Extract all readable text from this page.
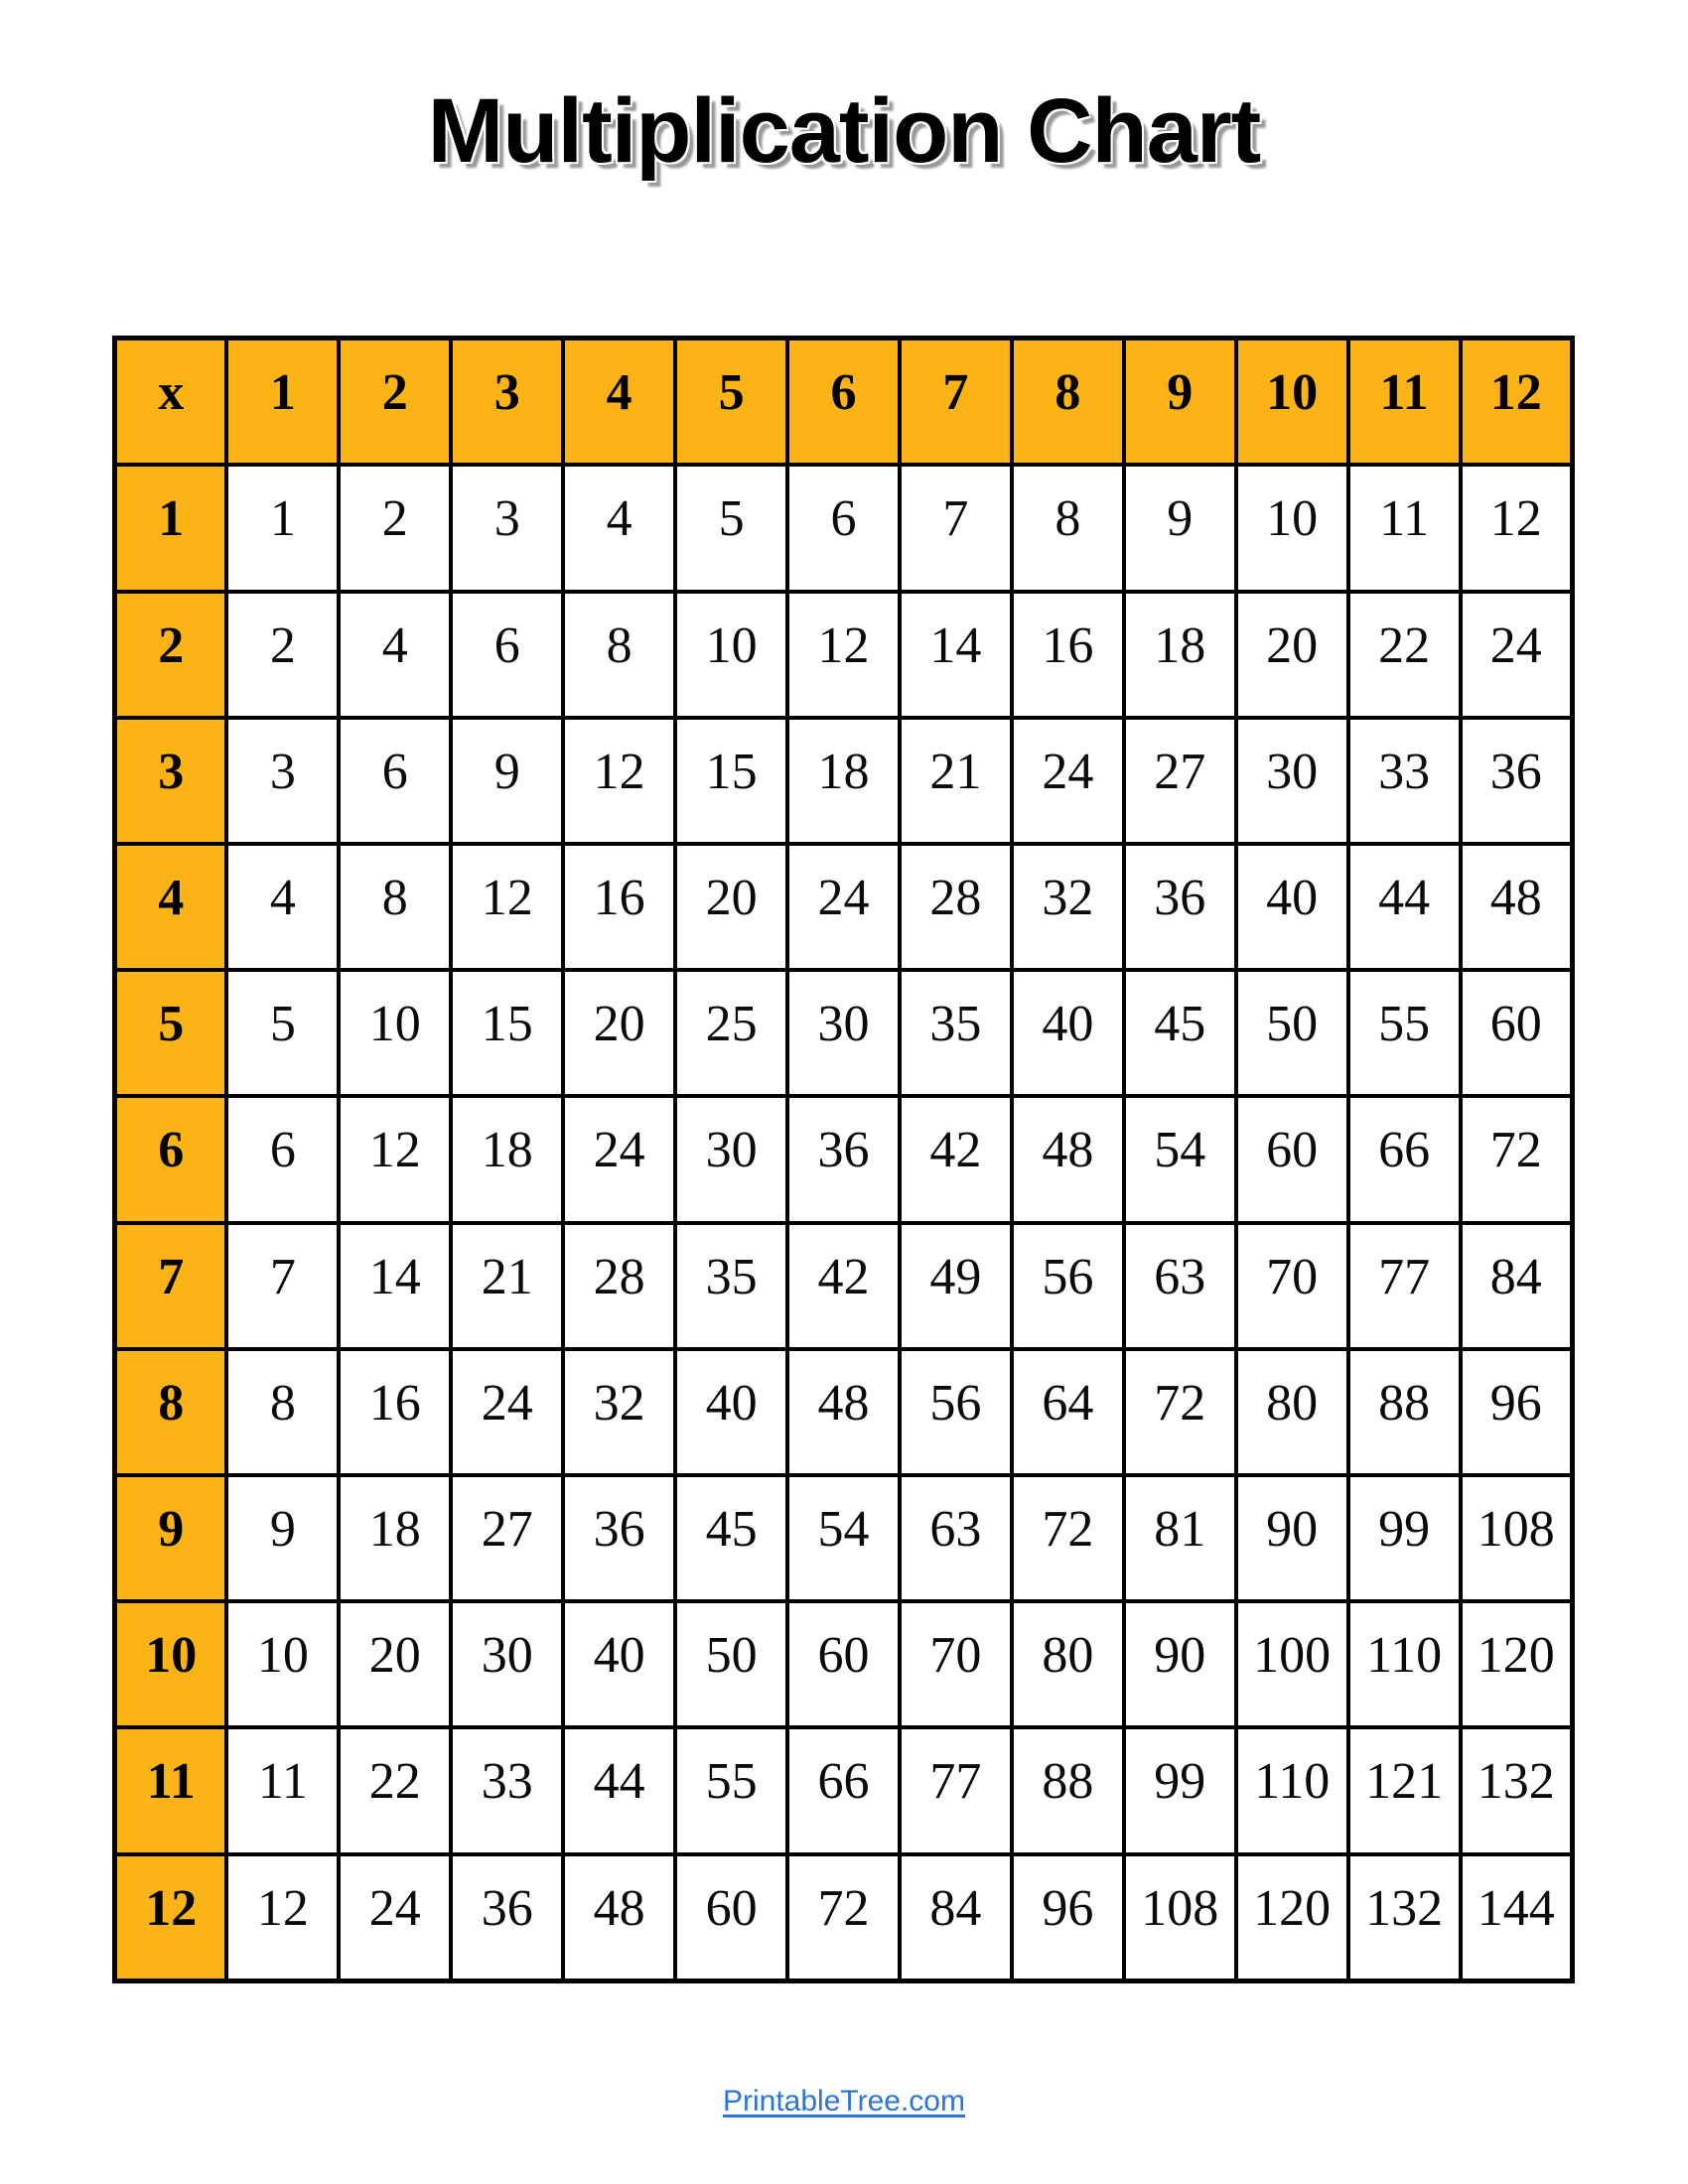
Multiplication Chart
x	1	2	3	4	5	6	7	8	9	10	11	12
1	1	2	3	4	5	6	7	8	9	10	11	12
2	2	4	6	8	10	12	14	16	18	20	22	24
3	3	6	9	12	15	18	21	24	27	30	33	36
4	4	8	12	16	20	24	28	32	36	40	44	48
5	5	10	15	20	25	30	35	40	45	50	55	60
6	6	12	18	24	30	36	42	48	54	60	66	72
7	7	14	21	28	35	42	49	56	63	70	77	84
8	8	16	24	32	40	48	56	64	72	80	88	96
9	9	18	27	36	45	54	63	72	81	90	99	108
10	10	20	30	40	50	60	70	80	90	100	110	120
11	11	22	33	44	55	66	77	88	99	110	121	132
12	12	24	36	48	60	72	84	96	108	120	132	144
PrintableTree.com
